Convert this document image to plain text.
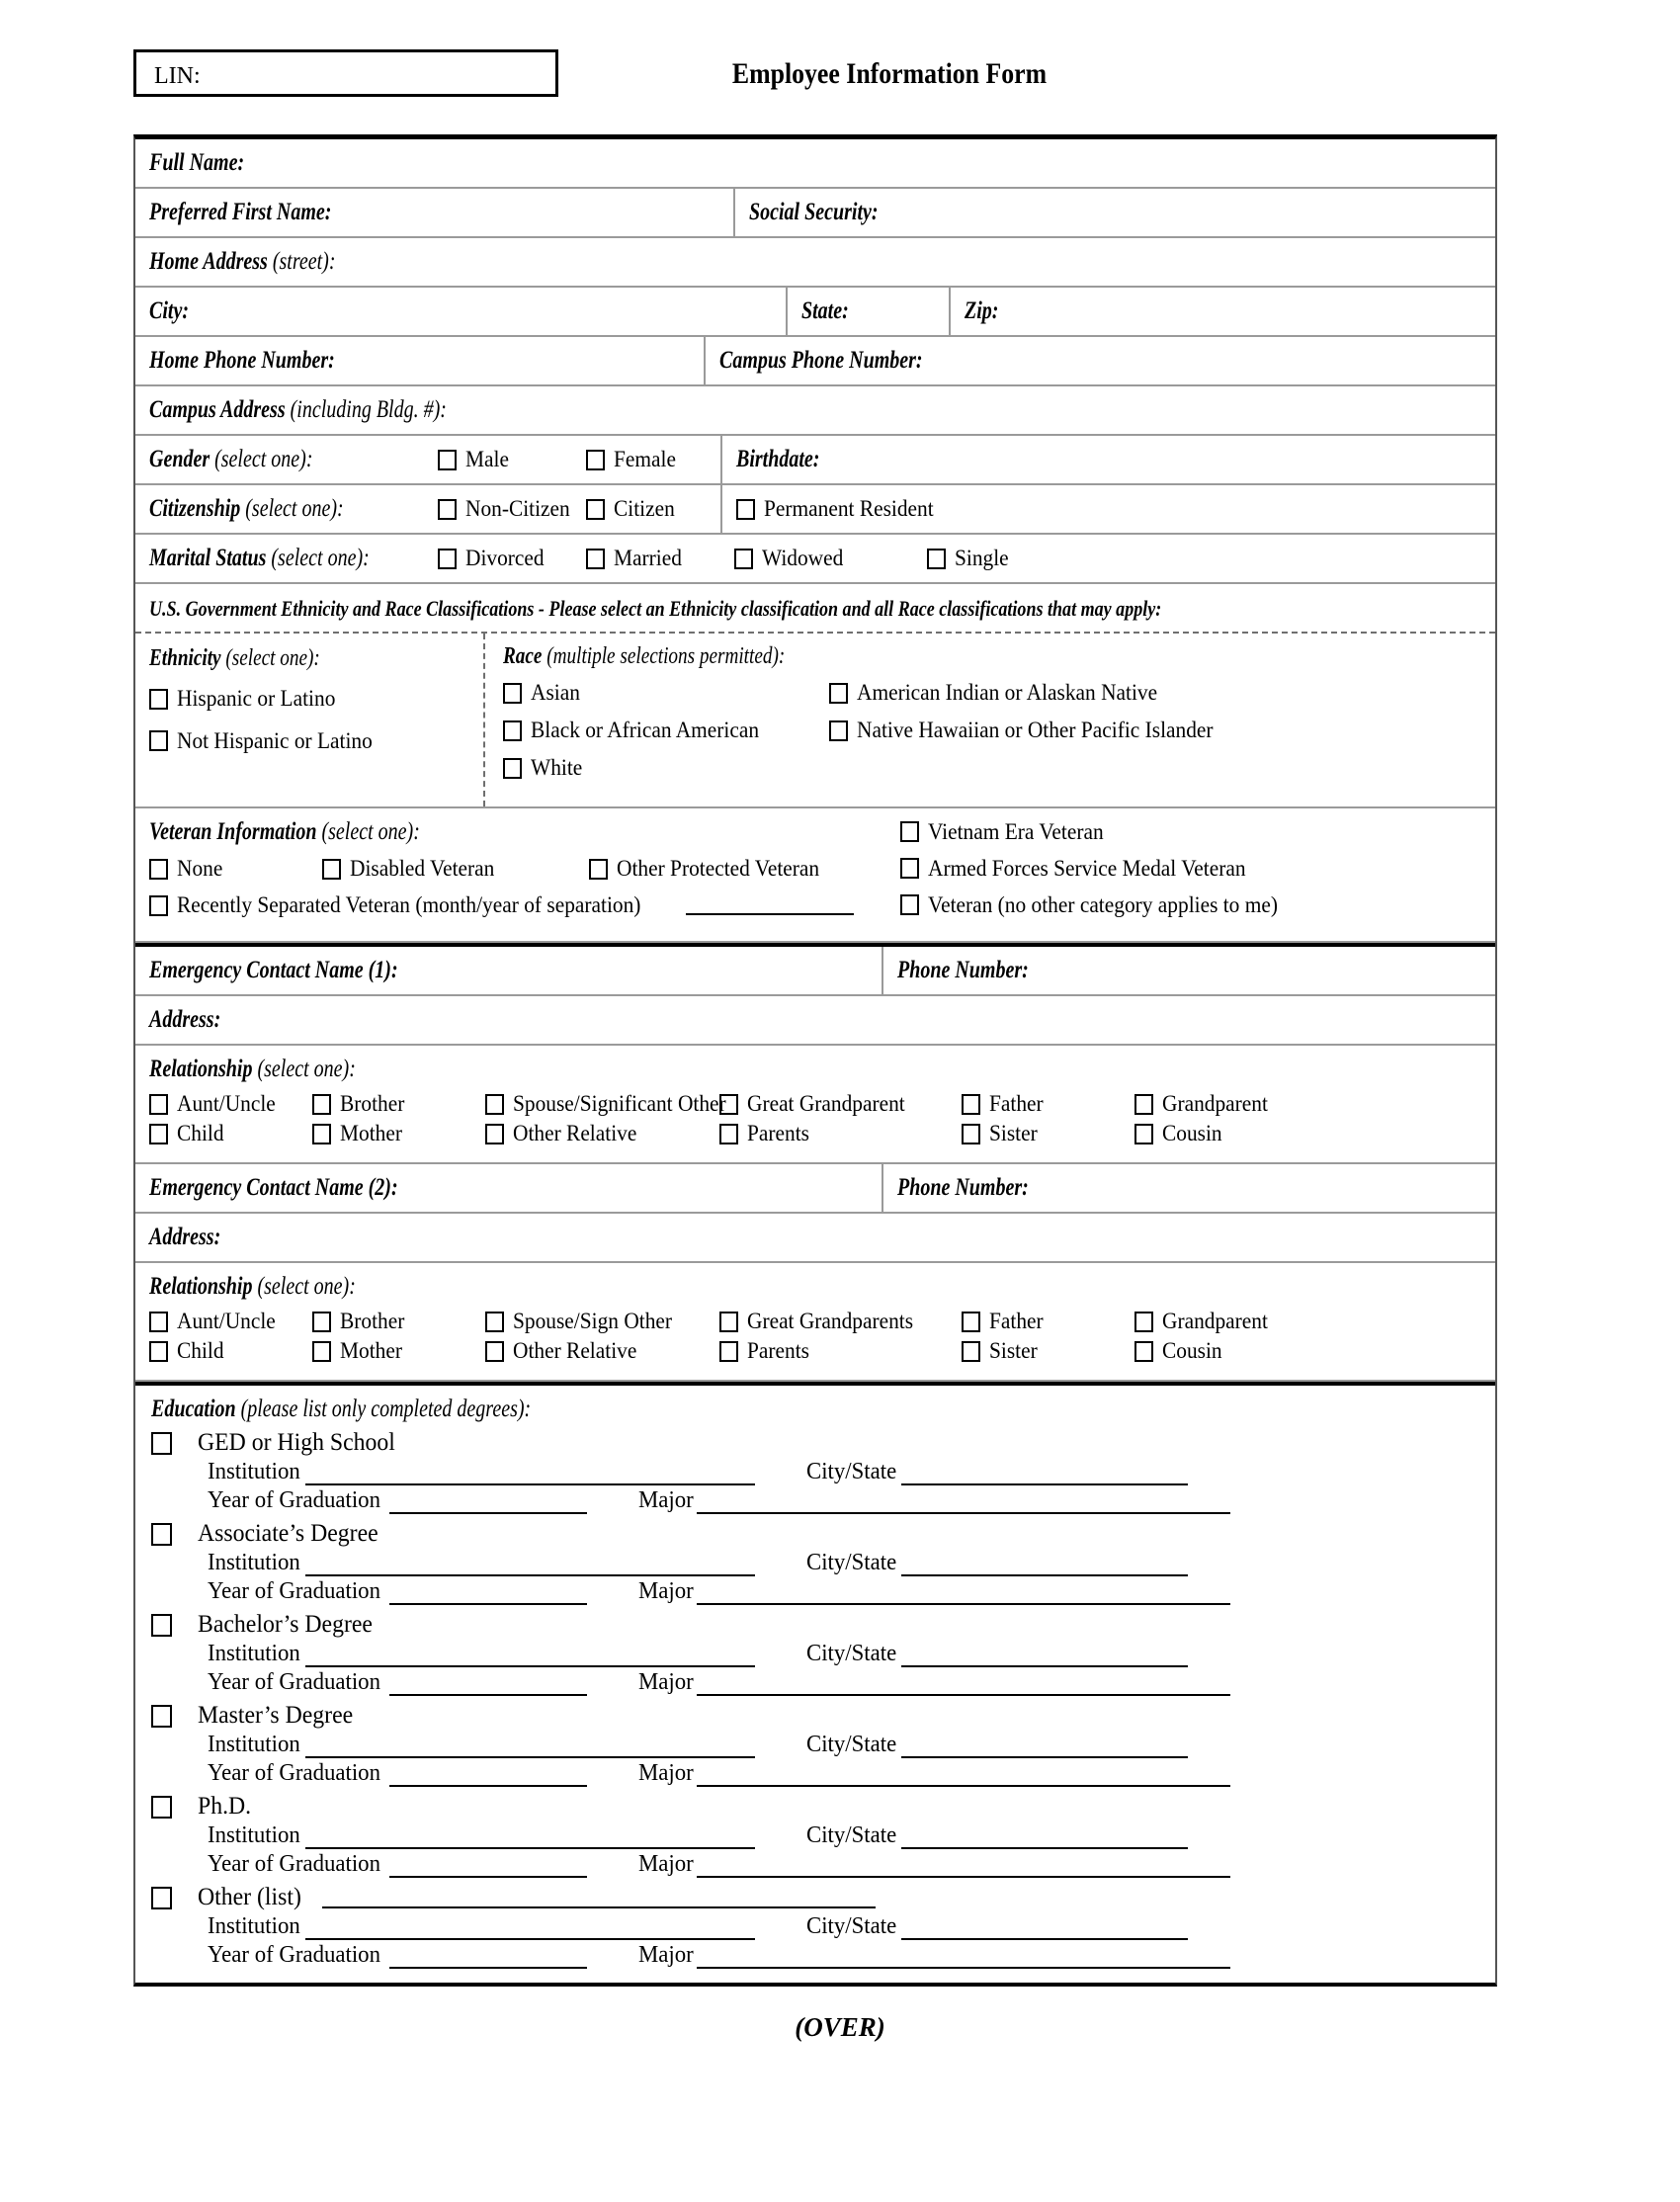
LIN:	Employee Information Form
Full Name:
Preferred First Name:	Social Security:
Home Address (street):
City:	State:	Zip:
Home Phone Number:	Campus Phone Number:
Campus Address (including Bldg. #):
Gender (select one):	Male	Female Birthdate:
Citizenship (select one):	Non-Citizen Citizen	Permanent Resident
Marital Status (select one):	Divorced	Married	Widowed	Single
U.S. Government Ethnicity and Race Classifications - Please select an Ethnicity classification and all Race classifications that may apply:
Ethnicity (select one):
Hispanic or Latino

Not Hispanic or Latino
Race (multiple selections permitted):
Asian
Black or African American
White
American Indian or Alaskan Native
Native Hawaiian or Other Pacific Islander
Veteran Information (select one):
None	Disabled Veteran	Other Protected Veteran
Recently Separated Veteran (month/year of separation)
Vietnam Era Veteran
Armed Forces Service Medal Veteran
Veteran (no other category applies to me)
Emergency Contact Name (1):	Phone Number:
Address:
Relationship (select one):
Aunt/Uncle
Child
Brother
Mother
Spouse/Significant Other
Other Relative
Great Grandparent
Parents
Father
Sister
Grandparent
Cousin
Emergency Contact Name (2):	Phone Number:
Address:
Relationship (select one):
Aunt/Uncle
Child
Brother
Mother
Spouse/Sign Other
Other Relative
Great Grandparents
Parents
Father
Sister
Grandparent
Cousin
Education (please list only completed degrees):
GED or High School
Institution	City/State
Year of Graduation	Major
Associate’s Degree
Institution	City/State
Year of Graduation	Major
Bachelor’s Degree
Institution	City/State
Year of Graduation	Major
Master’s Degree
Institution	City/State
Year of Graduation	Major
Ph.D.
Institution	City/State
Year of Graduation	Major
Other (list)
Institution	City/State
Year of Graduation	Major
(OVER)
